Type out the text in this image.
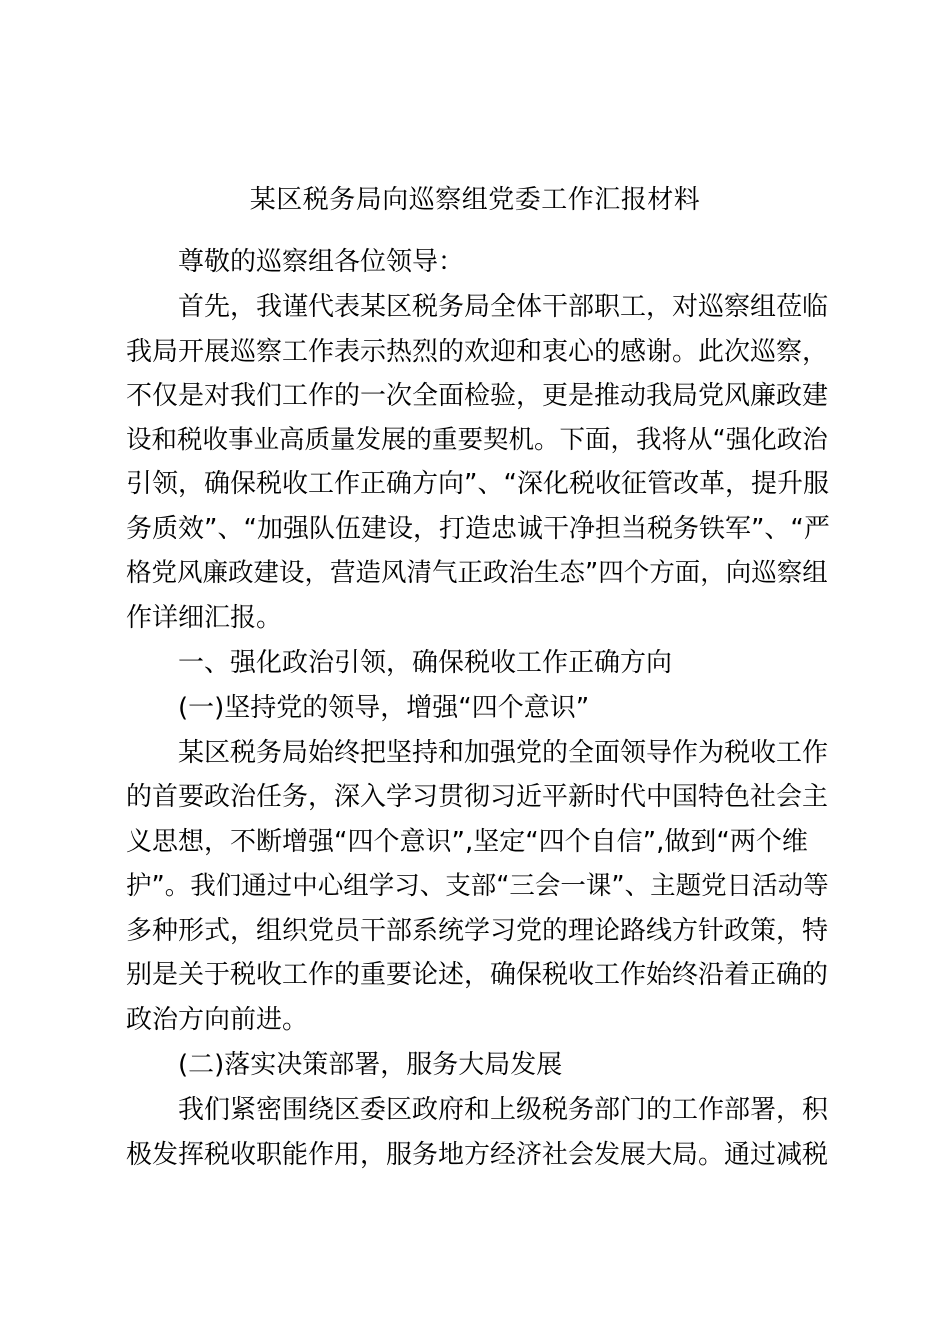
某区税务局向巡察组党委工作汇报材料
尊敬的巡察组各位领导：
首先，我谨代表某区税务局全体干部职工，对巡察组莅临
我局开展巡察工作表示热烈的欢迎和衷心的感谢。此次巡察，
不仅是对我们工作的一次全面检验，更是推动我局党风廉政建
设和税收事业高质量发展的重要契机。下面，我将从“强化政治
引领，确保税收工作正确方向”、“深化税收征管改革，提升服
务质效”、“加强队伍建设，打造忠诚干净担当税务铁军”、“严
格党风廉政建设，营造风清气正政治生态”四个方面，向巡察组
作详细汇报。
一、强化政治引领，确保税收工作正确方向
(一)坚持党的领导，增强“四个意识”
某区税务局始终把坚持和加强党的全面领导作为税收工作
的首要政治任务，深入学习贯彻习近平新时代中国特色社会主
义思想，不断增强“四个意识”,坚定“四个自信”,做到“两个维
护”。我们通过中心组学习、支部“三会一课”、主题党日活动等
多种形式，组织党员干部系统学习党的理论路线方针政策，特
别是关于税收工作的重要论述，确保税收工作始终沿着正确的
政治方向前进。
(二)落实决策部署，服务大局发展
我们紧密围绕区委区政府和上级税务部门的工作部署，积
极发挥税收职能作用，服务地方经济社会发展大局。通过减税
